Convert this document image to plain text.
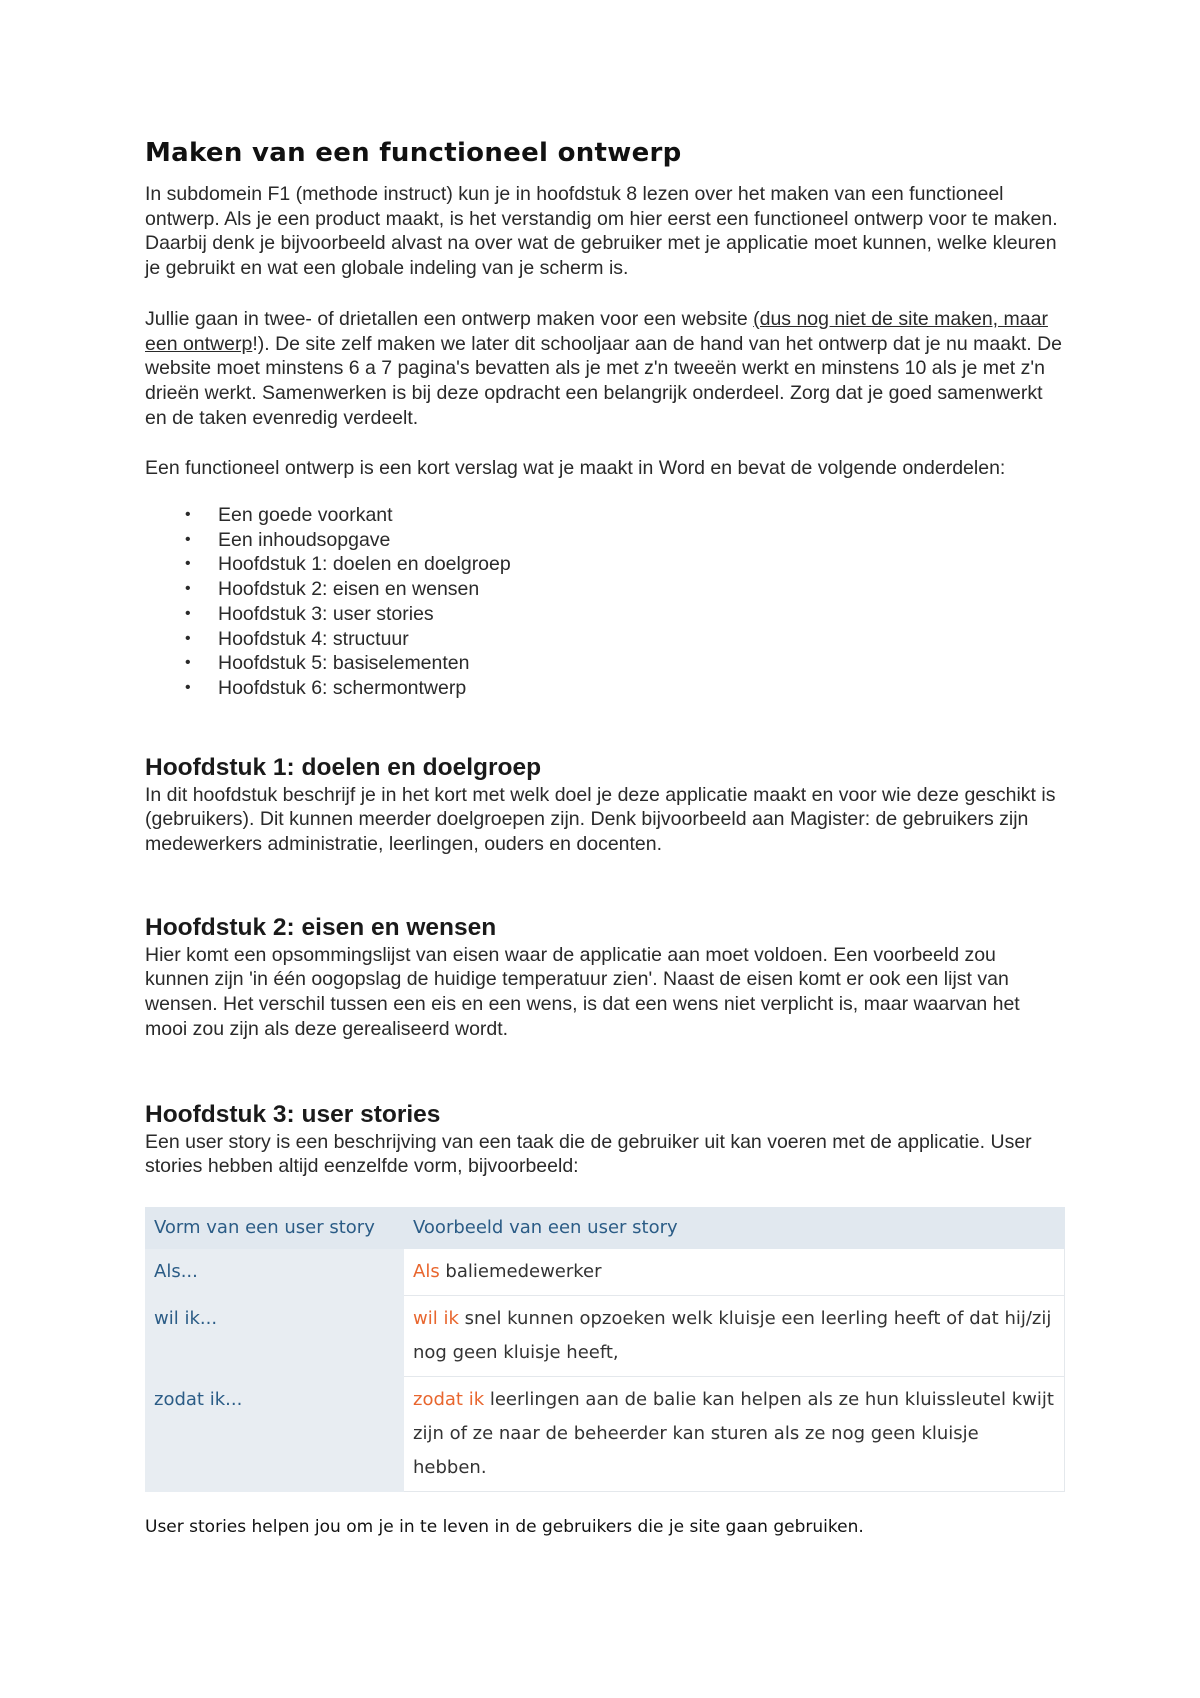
Maken van een functioneel ontwerp

In subdomein F1 (methode instruct) kun je in hoofdstuk 8 lezen over het maken van een functioneel ontwerp. Als je een product maakt, is het verstandig om hier eerst een functioneel ontwerp voor te maken. Daarbij denk je bijvoorbeeld alvast na over wat de gebruiker met je applicatie moet kunnen, welke kleuren je gebruikt en wat een globale indeling van je scherm is.

Jullie gaan in twee- of drietallen een ontwerp maken voor een website (dus nog niet de site maken, maar een ontwerp!). De site zelf maken we later dit schooljaar aan de hand van het ontwerp dat je nu maakt. De website moet minstens 6 a 7 pagina's bevatten als je met z'n tweeën werkt en minstens 10 als je met z'n drieën werkt. Samenwerken is bij deze opdracht een belangrijk onderdeel. Zorg dat je goed samenwerkt en de taken evenredig verdeelt.

Een functioneel ontwerp is een kort verslag wat je maakt in Word en bevat de volgende onderdelen:

• Een goede voorkant
• Een inhoudsopgave
• Hoofdstuk 1: doelen en doelgroep
• Hoofdstuk 2: eisen en wensen
• Hoofdstuk 3: user stories
• Hoofdstuk 4: structuur
• Hoofdstuk 5: basiselementen
• Hoofdstuk 6: schermontwerp
Hoofdstuk 1: doelen en doelgroep

In dit hoofdstuk beschrijf je in het kort met welk doel je deze applicatie maakt en voor wie deze geschikt is (gebruikers). Dit kunnen meerder doelgroepen zijn. Denk bijvoorbeeld aan Magister: de gebruikers zijn medewerkers administratie, leerlingen, ouders en docenten.

Hoofdstuk 2: eisen en wensen

Hier komt een opsommingslijst van eisen waar de applicatie aan moet voldoen. Een voorbeeld zou kunnen zijn 'in één oogopslag de huidige temperatuur zien'. Naast de eisen komt er ook een lijst van wensen. Het verschil tussen een eis en een wens, is dat een wens niet verplicht is, maar waarvan het mooi zou zijn als deze gerealiseerd wordt.

Hoofdstuk 3: user stories

Een user story is een beschrijving van een taak die de gebruiker uit kan voeren met de applicatie. User stories hebben altijd eenzelfde vorm, bijvoorbeeld:

Vorm van een user story	Voorbeeld van een user story
Als...	Als baliemedewerker
wil ik...	wil ik snel kunnen opzoeken welk kluisje een leerling heeft of dat hij/zij nog geen kluisje heeft,
zodat ik...	zodat ik leerlingen aan de balie kan helpen als ze hun kluissleutel kwijt zijn of ze naar de beheerder kan sturen als ze nog geen kluisje hebben.

User stories helpen jou om je in te leven in de gebruikers die je site gaan gebruiken.
